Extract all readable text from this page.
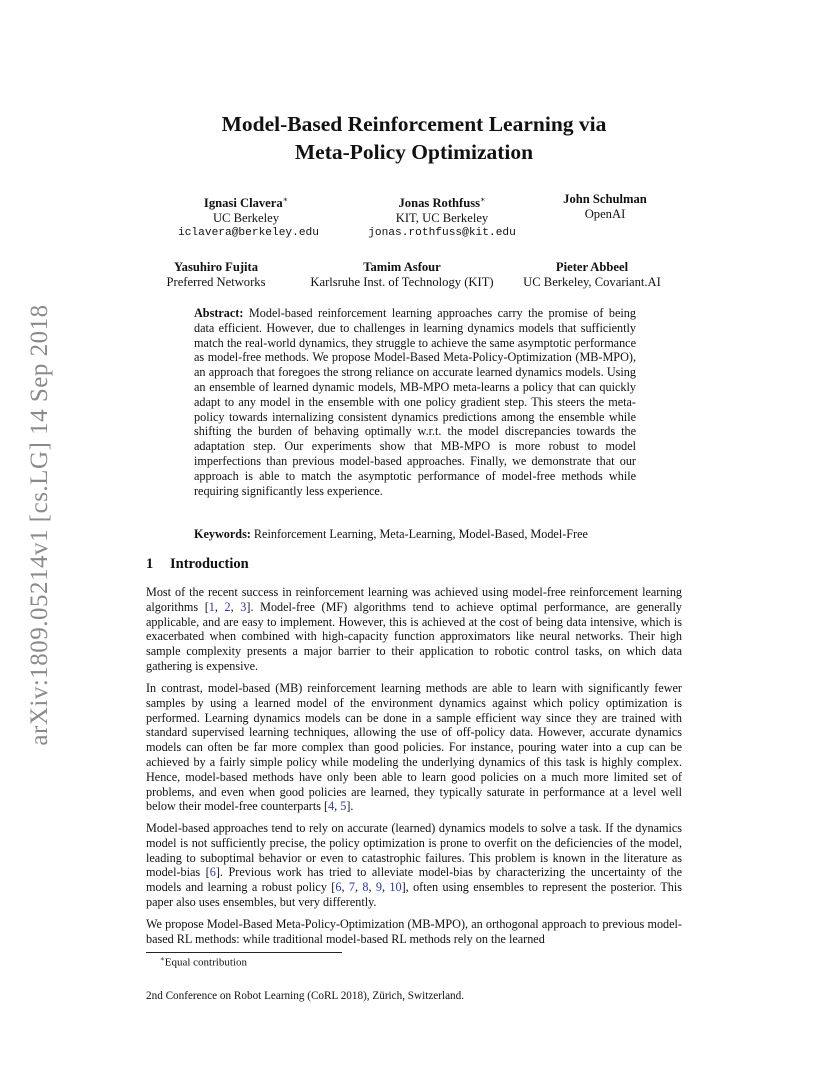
arXiv:1809.05214v1 [cs.LG] 14 Sep 2018
Model-Based Reinforcement Learning via
Meta-Policy Optimization
Ignasi Clavera∗
UC Berkeley
iclavera@berkeley.edu
Jonas Rothfuss∗
KIT, UC Berkeley
jonas.rothfuss@kit.edu
John Schulman
OpenAI
Yasuhiro Fujita
Preferred Networks
Tamim Asfour
Karlsruhe Inst. of Technology (KIT)
Pieter Abbeel
UC Berkeley, Covariant.AI

Abstract: Model-based reinforcement learning approaches carry the promise of being data efficient. However, due to challenges in learning dynamics models that sufficiently match the real-world dynamics, they struggle to achieve the same asymptotic performance as model-free methods. We propose Model-Based Meta-Policy-Optimization (MB-MPO), an approach that foregoes the strong reliance on accurate learned dynamics models. Using an ensemble of learned dynamic models, MB-MPO meta-learns a policy that can quickly adapt to any model in the ensemble with one policy gradient step. This steers the meta-policy towards internalizing consistent dynamics predictions among the ensemble while shifting the burden of behaving optimally w.r.t. the model discrepancies towards the adaptation step. Our experiments show that MB-MPO is more robust to model imperfections than previous model-based approaches. Finally, we demonstrate that our approach is able to match the asymptotic performance of model-free methods while requiring significantly less experience.

Keywords: Reinforcement Learning, Meta-Learning, Model-Based, Model-Free
1 Introduction

Most of the recent success in reinforcement learning was achieved using model-free reinforcement learning algorithms [1, 2, 3]. Model-free (MF) algorithms tend to achieve optimal performance, are generally applicable, and are easy to implement. However, this is achieved at the cost of being data intensive, which is exacerbated when combined with high-capacity function approximators like neural networks. Their high sample complexity presents a major barrier to their application to robotic control tasks, on which data gathering is expensive.

In contrast, model-based (MB) reinforcement learning methods are able to learn with significantly fewer samples by using a learned model of the environment dynamics against which policy optimization is performed. Learning dynamics models can be done in a sample efficient way since they are trained with standard supervised learning techniques, allowing the use of off-policy data. However, accurate dynamics models can often be far more complex than good policies. For instance, pouring water into a cup can be achieved by a fairly simple policy while modeling the underlying dynamics of this task is highly complex. Hence, model-based methods have only been able to learn good policies on a much more limited set of problems, and even when good policies are learned, they typically saturate in performance at a level well below their model-free counterparts [4, 5].

Model-based approaches tend to rely on accurate (learned) dynamics models to solve a task. If the dynamics model is not sufficiently precise, the policy optimization is prone to overfit on the deficiencies of the model, leading to suboptimal behavior or even to catastrophic failures. This problem is known in the literature as model-bias [6]. Previous work has tried to alleviate model-bias by characterizing the uncertainty of the models and learning a robust policy [6, 7, 8, 9, 10], often using ensembles to represent the posterior. This paper also uses ensembles, but very differently.

We propose Model-Based Meta-Policy-Optimization (MB-MPO), an orthogonal approach to previous model-based RL methods: while traditional model-based RL methods rely on the learned

∗Equal contribution
2nd Conference on Robot Learning (CoRL 2018), Zürich, Switzerland.
